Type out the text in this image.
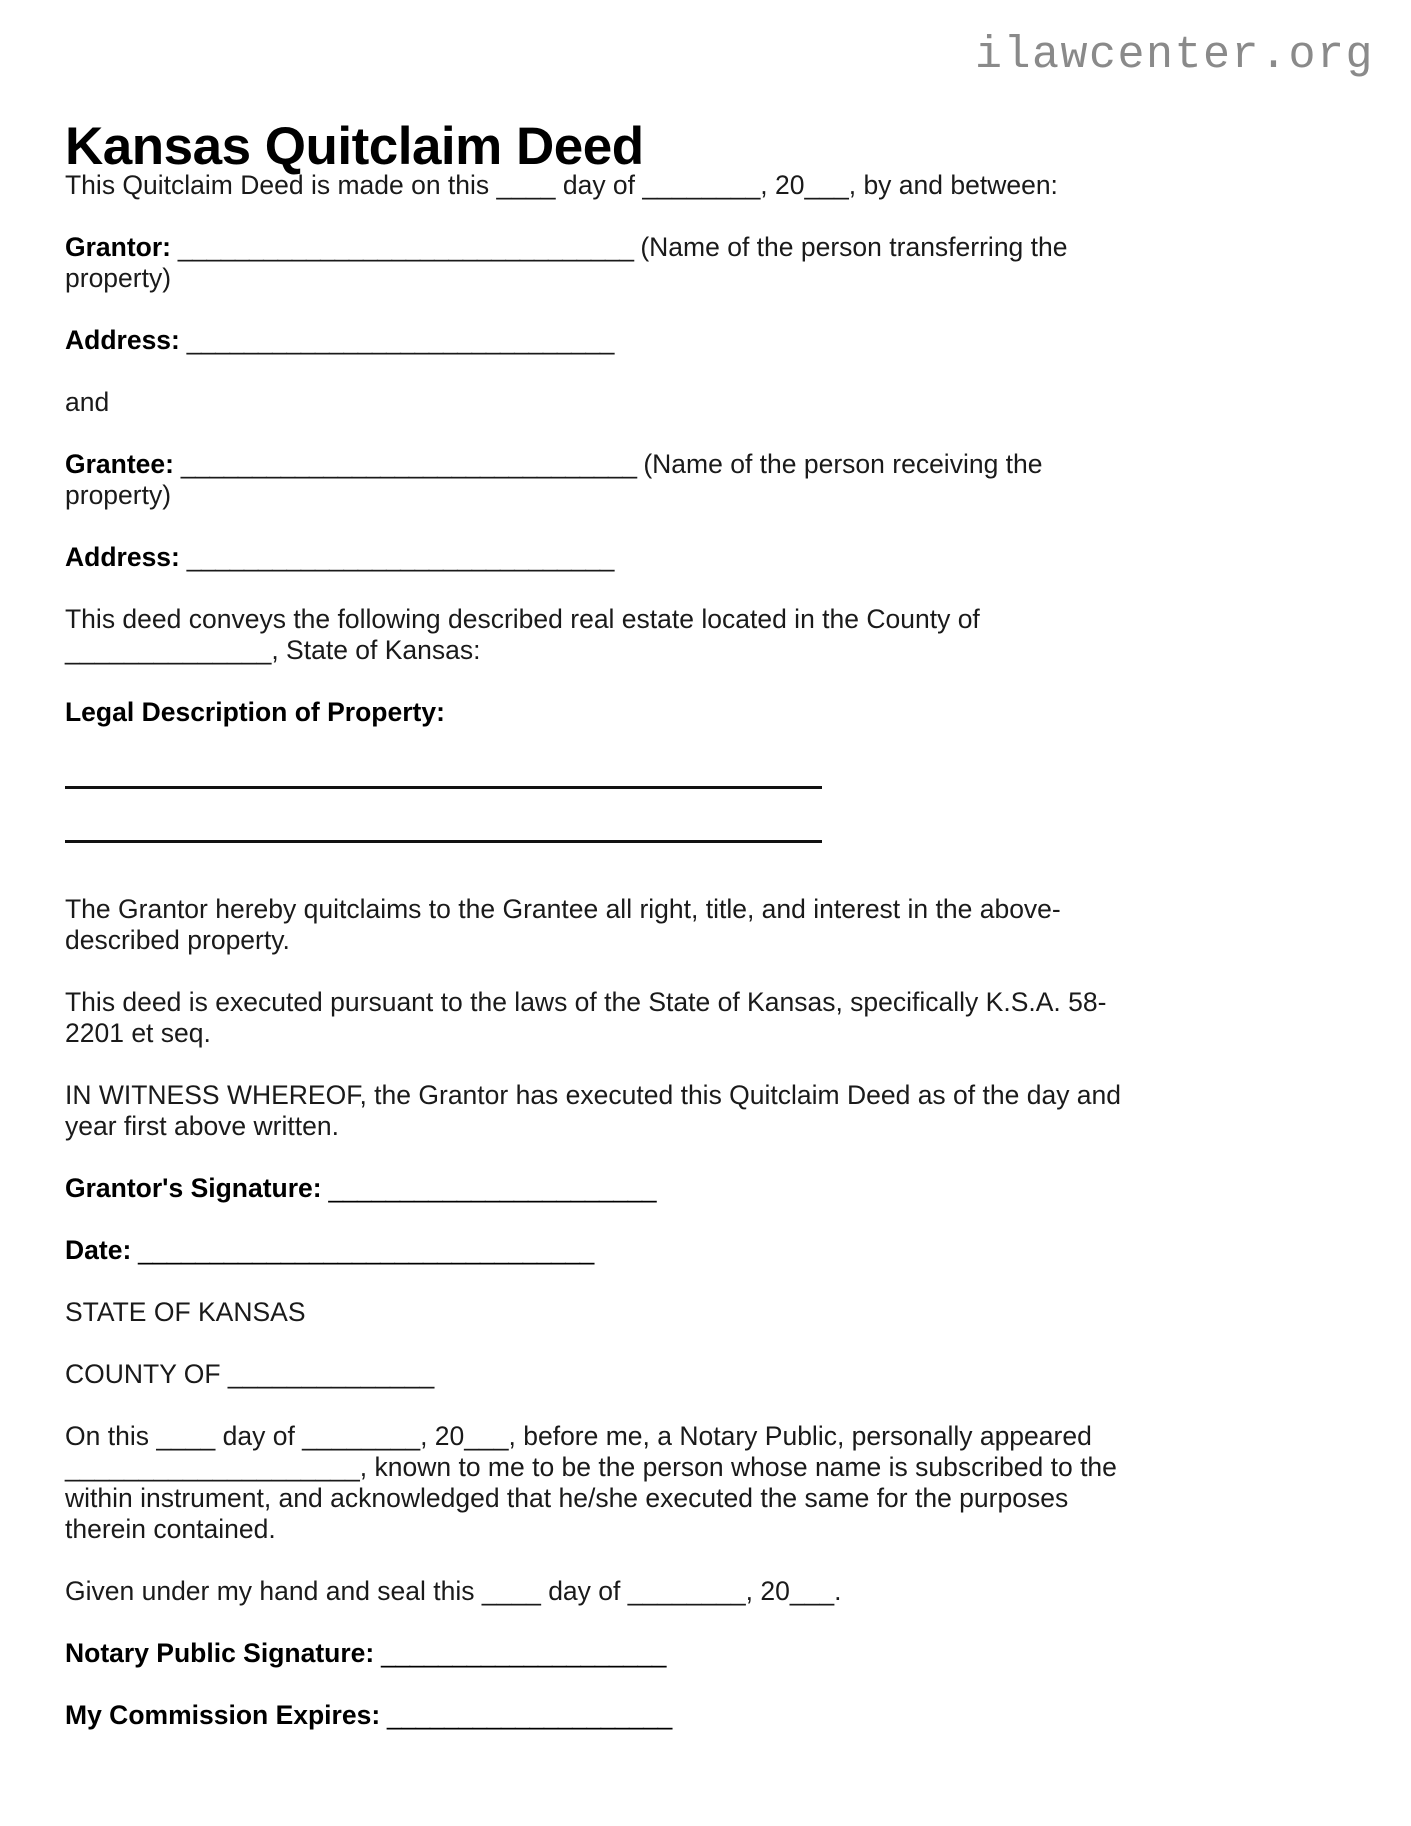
ilawcenter.org
Kansas Quitclaim Deed

This Quitclaim Deed is made on this ____ day of ________, 20___, by and between:

Grantor: ________________________________ (Name of the person transferring the property)

Address: ______________________________

and

Grantee: ________________________________ (Name of the person receiving the property)

Address: ______________________________

This deed conveys the following described real estate located in the County of ______________, State of Kansas:

Legal Description of Property:

The Grantor hereby quitclaims to the Grantee all right, title, and interest in the above-described property.

This deed is executed pursuant to the laws of the State of Kansas, specifically K.S.A. 58-2201 et seq.

IN WITNESS WHEREOF, the Grantor has executed this Quitclaim Deed as of the day and year first above written.

Grantor's Signature: _______________________

Date: ________________________________

STATE OF KANSAS

COUNTY OF ______________

On this ____ day of ________, 20___, before me, a Notary Public, personally appeared ____________________, known to me to be the person whose name is subscribed to the within instrument, and acknowledged that he/she executed the same for the purposes therein contained.

Given under my hand and seal this ____ day of ________, 20___.

Notary Public Signature: ____________________

My Commission Expires: ____________________
